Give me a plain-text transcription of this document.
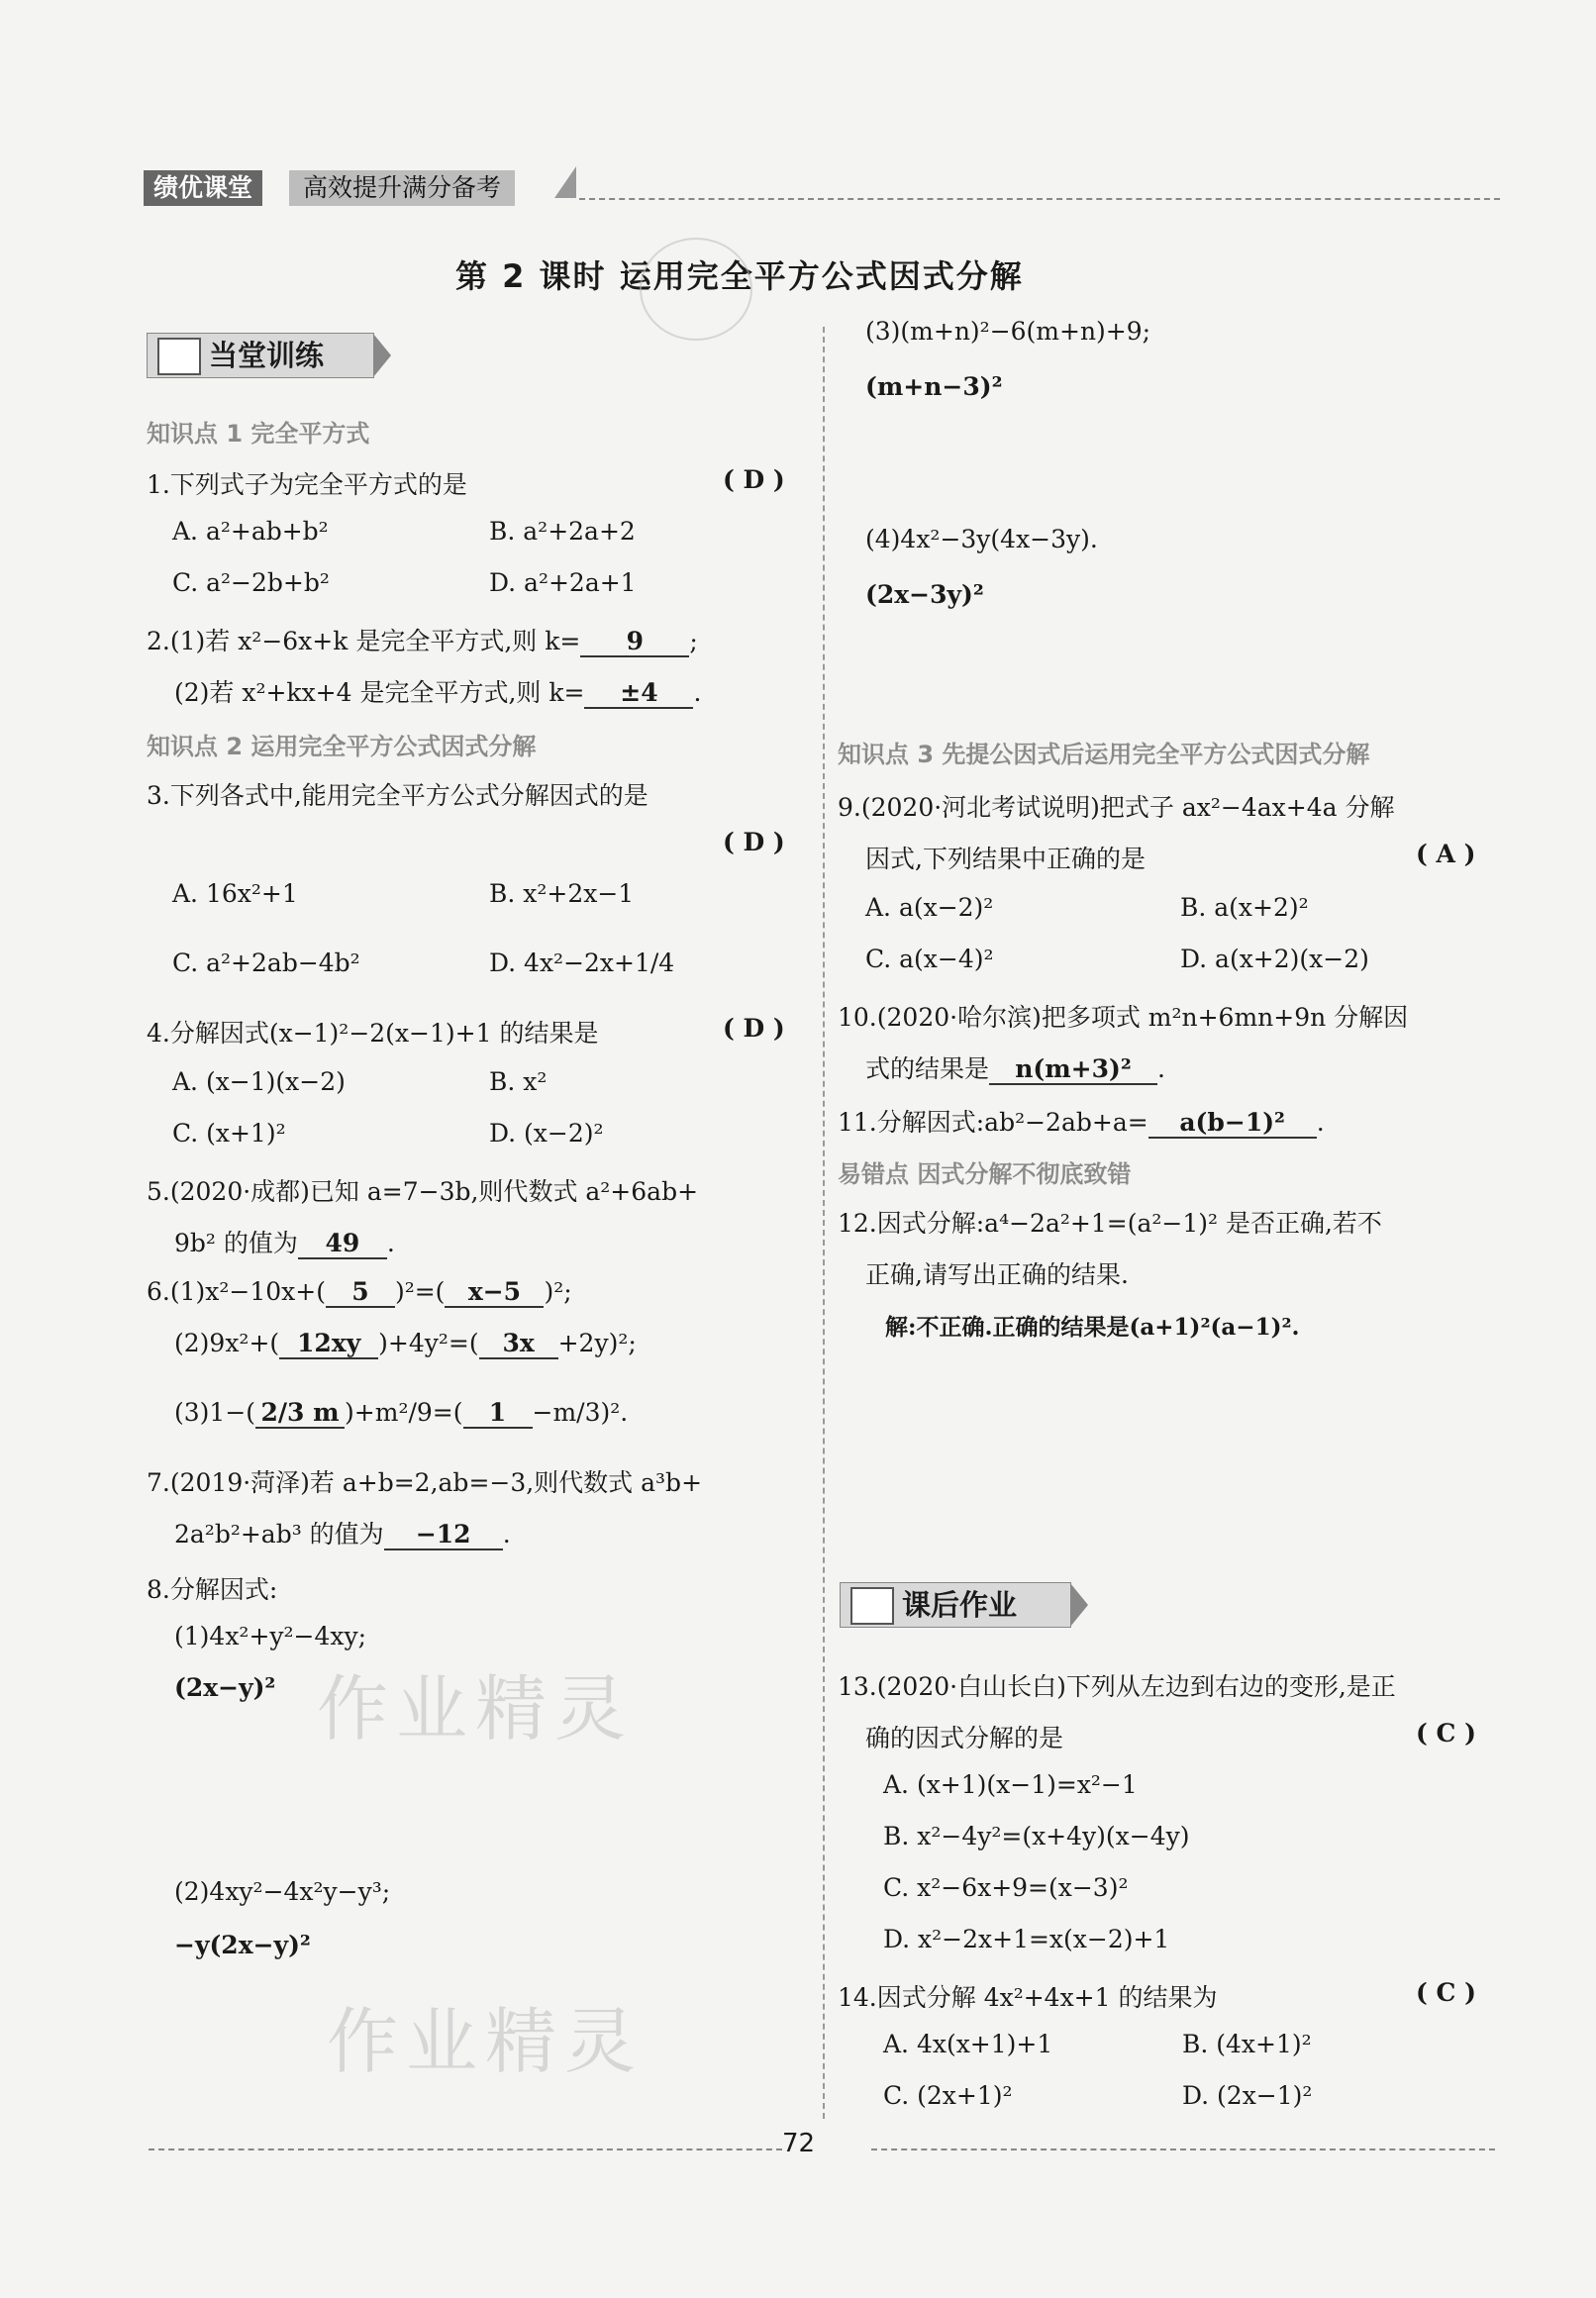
绩优课堂	高效提升满分备考
第 2 课时 运用完全平方公式因式分解
当堂训练
知识点 1 完全平方式
1.下列式子为完全平方式的是	( D )
A. a²+ab+b²	B. a²+2a+2
C. a²−2b+b²	D. a²+2a+1
2.(1)若 x²−6x+k 是完全平方式,则 k= 9 ;
(2)若 x²+kx+4 是完全平方式,则 k= ±4 .
知识点 2 运用完全平方公式因式分解
3.下列各式中,能用完全平方公式分解因式的是
( D )
A. 16x²+1	B. x²+2x−1
C. a²+2ab−4b²	D. 4x²−2x+1/4
4.分解因式(x−1)²−2(x−1)+1 的结果是	( D )
A. (x−1)(x−2)	B. x²
C. (x+1)²	D. (x−2)²
5.(2020·成都)已知 a=7−3b,则代数式 a²+6ab+
9b² 的值为 49 .
6.(1)x²−10x+( 5 )²=( x−5 )²;
(2)9x²+( 12xy )+4y²=( 3x +2y)²;
(3)1−( 2/3 m )+m²/9=( 1 −m/3)².
7.(2019·菏泽)若 a+b=2,ab=−3,则代数式 a³b+
2a²b²+ab³ 的值为 −12 .
8.分解因式:
(1)4x²+y²−4xy;
(2x−y)² 作业精灵
(2)4xy²−4x²y−y³;
−y(2x−y)²
作业精灵
(3)(m+n)²−6(m+n)+9;
(m+n−3)²
(4)4x²−3y(4x−3y).
(2x−3y)²
知识点 3 先提公因式后运用完全平方公式因式分解
9.(2020·河北考试说明)把式子 ax²−4ax+4a 分解
因式,下列结果中正确的是	( A )
A. a(x−2)²	B. a(x+2)²
C. a(x−4)²	D. a(x+2)(x−2)
10.(2020·哈尔滨)把多项式 m²n+6mn+9n 分解因
式的结果是 n(m+3)² .
11.分解因式:ab²−2ab+a= a(b−1)² .
易错点 因式分解不彻底致错
12.因式分解:a⁴−2a²+1=(a²−1)² 是否正确,若不
正确,请写出正确的结果.
解:不正确.正确的结果是(a+1)²(a−1)².
课后作业
13.(2020·白山长白)下列从左边到右边的变形,是正
确的因式分解的是	( C )
A. (x+1)(x−1)=x²−1
B. x²−4y²=(x+4y)(x−4y)
C. x²−6x+9=(x−3)²
D. x²−2x+1=x(x−2)+1
14.因式分解 4x²+4x+1 的结果为	( C )
A. 4x(x+1)+1	B. (4x+1)²
C. (2x+1)²	D. (2x−1)²
72
